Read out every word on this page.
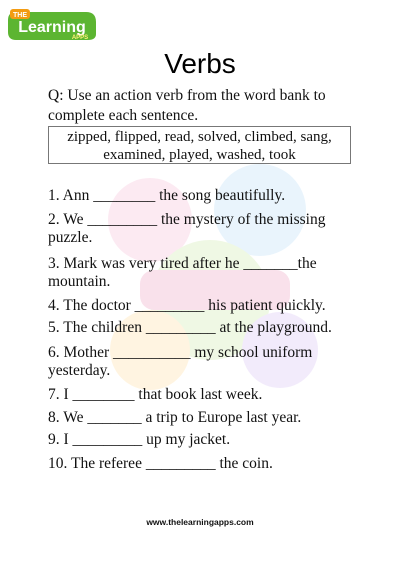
THE
Learning
APPS
Verbs
Q: Use an action verb from the word bank to complete each sentence.
zipped, flipped, read, solved, climbed, sang,
examined, played, washed, took
1. Ann ________ the song beautifully.
2. We _________ the mystery of the missing puzzle.
3. Mark was very tired after he _______the mountain.
4. The doctor _________ his patient quickly.
5. The children _________ at the playground.
6. Mother __________ my school uniform yesterday.
7. I ________ that book last week.
8. We _______ a trip to Europe last year.
9. I _________ up my jacket.
10. The referee _________ the coin.
www.thelearningapps.com
